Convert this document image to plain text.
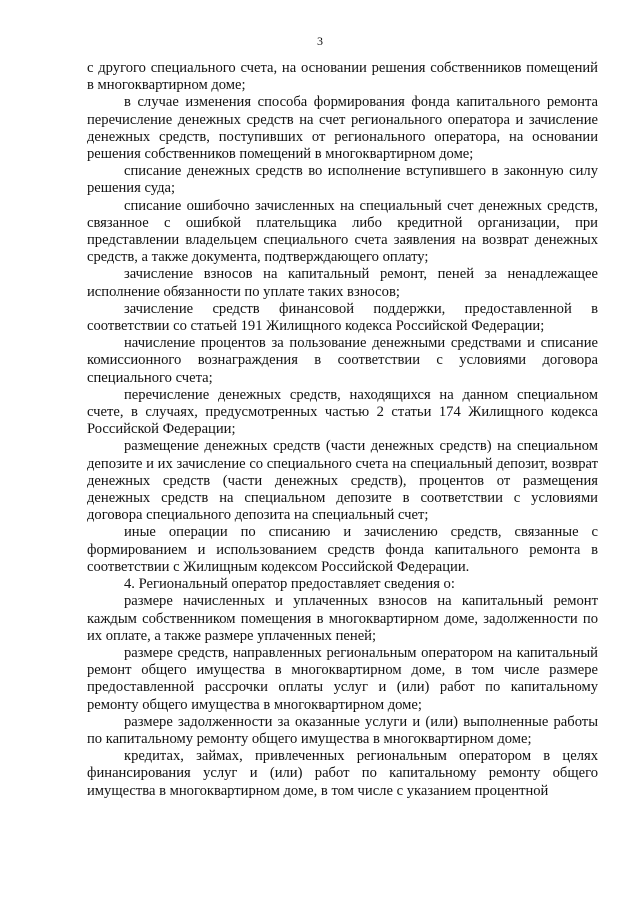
3

с другого специального счета, на основании решения собственников помещений в многоквартирном доме;

в случае изменения способа формирования фонда капитального ремонта перечисление денежных средств на счет регионального оператора и зачисление денежных средств, поступивших от регионального оператора, на основании решения собственников помещений в многоквартирном доме;

списание денежных средств во исполнение вступившего в законную силу решения суда;

списание ошибочно зачисленных на специальный счет денежных средств, связанное с ошибкой плательщика либо кредитной организации, при представлении владельцем специального счета заявления на возврат денежных средств, а также документа, подтверждающего оплату;

зачисление взносов на капитальный ремонт, пеней за ненадлежащее исполнение обязанности по уплате таких взносов;

зачисление средств финансовой поддержки, предоставленной в соответствии со статьей 191 Жилищного кодекса Российской Федерации;

начисление процентов за пользование денежными средствами и списание комиссионного вознаграждения в соответствии с условиями договора специального счета;

перечисление денежных средств, находящихся на данном специальном счете, в случаях, предусмотренных частью 2 статьи 174 Жилищного кодекса Российской Федерации;

размещение денежных средств (части денежных средств) на специальном депозите и их зачисление со специального счета на специальный депозит, возврат денежных средств (части денежных средств), процентов от размещения денежных средств на специальном депозите в соответствии с условиями договора специального депозита на специальный счет;

иные операции по списанию и зачислению средств, связанные с формированием и использованием средств фонда капитального ремонта в соответствии с Жилищным кодексом Российской Федерации.

4. Региональный оператор предоставляет сведения о:

размере начисленных и уплаченных взносов на капитальный ремонт каждым собственником помещения в многоквартирном доме, задолженности по их оплате, а также размере уплаченных пеней;

размере средств, направленных региональным оператором на капитальный ремонт общего имущества в многоквартирном доме, в том числе размере предоставленной рассрочки оплаты услуг и (или) работ по капитальному ремонту общего имущества в многоквартирном доме;

размере задолженности за оказанные услуги и (или) выполненные работы по капитальному ремонту общего имущества в многоквартирном доме;

кредитах, займах, привлеченных региональным оператором в целях финансирования услуг и (или) работ по капитальному ремонту общего имущества в многоквартирном доме, в том числе с указанием процентной
